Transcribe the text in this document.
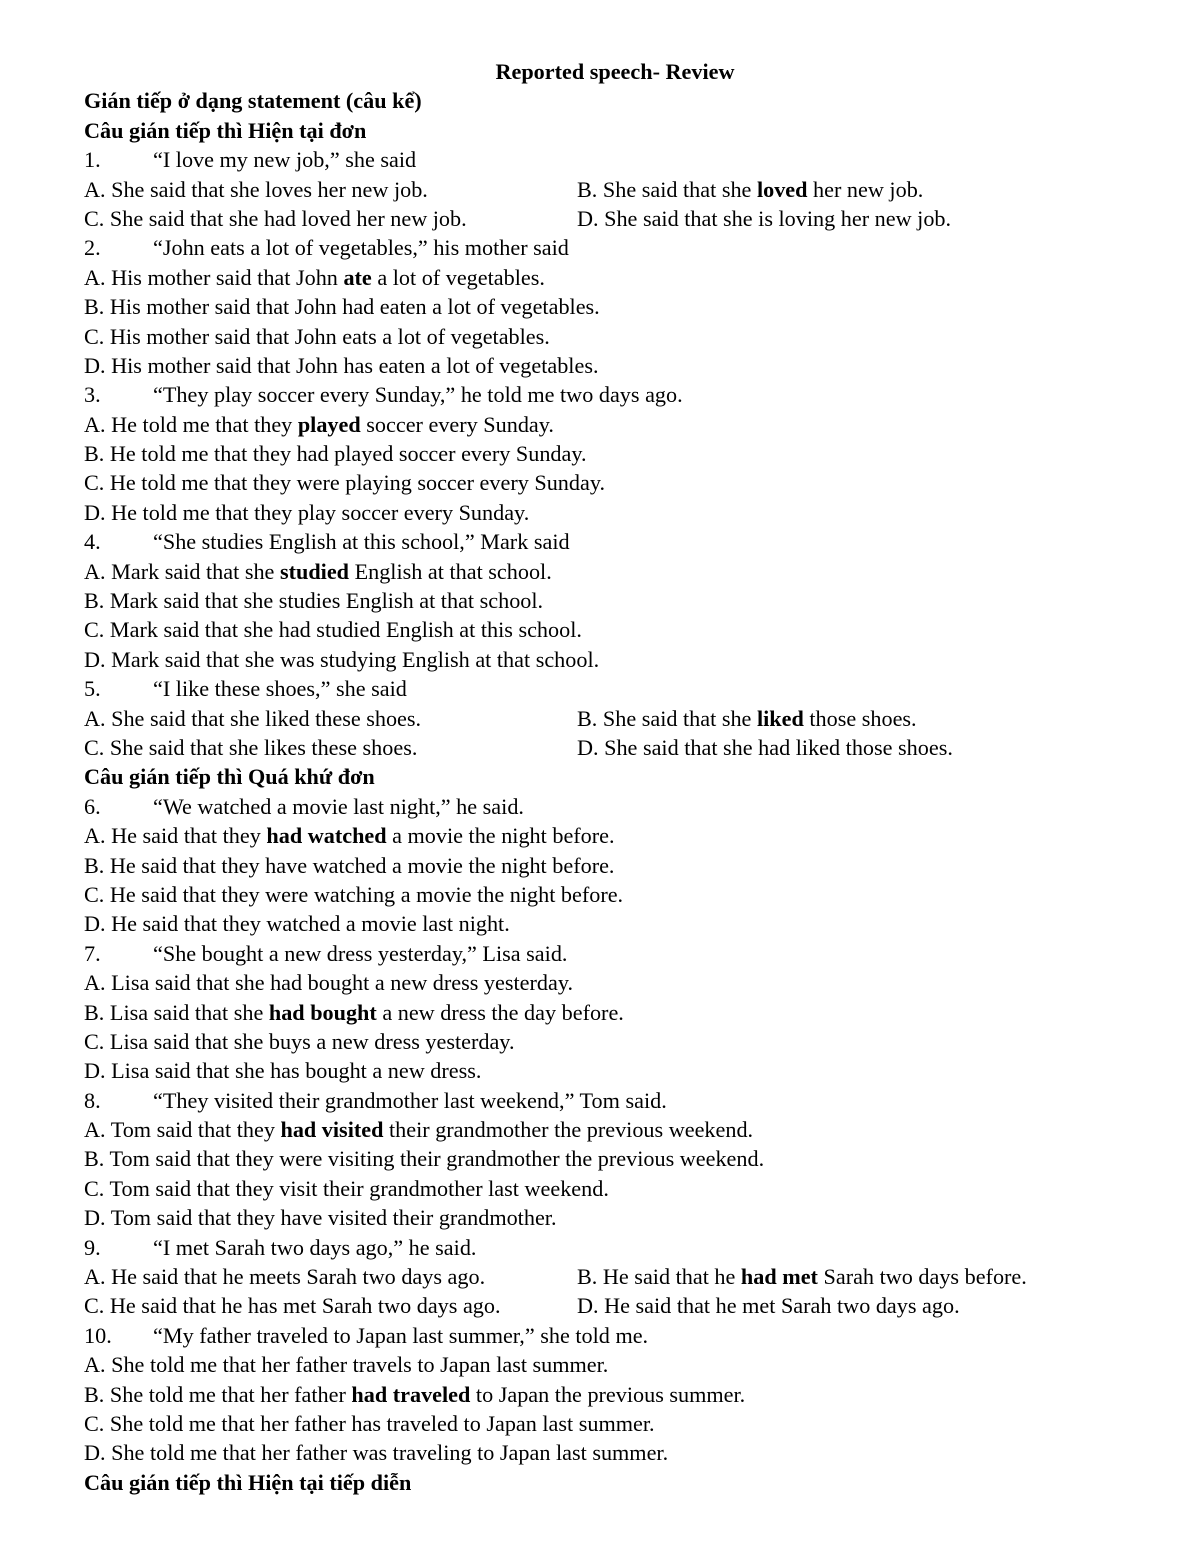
Reported speech- Review
Gián tiếp ở dạng statement (câu kể)
Câu gián tiếp thì Hiện tại đơn
1. “I love my new job,” she said
A. She said that she loves her new job.	B. She said that she loved her new job.
C. She said that she had loved her new job.	D. She said that she is loving her new job.
2. “John eats a lot of vegetables,” his mother said
A. His mother said that John ate a lot of vegetables.
B. His mother said that John had eaten a lot of vegetables.
C. His mother said that John eats a lot of vegetables.
D. His mother said that John has eaten a lot of vegetables.
3. “They play soccer every Sunday,” he told me two days ago.
A. He told me that they played soccer every Sunday.
B. He told me that they had played soccer every Sunday.
C. He told me that they were playing soccer every Sunday.
D. He told me that they play soccer every Sunday.
4. “She studies English at this school,” Mark said
A. Mark said that she studied English at that school.
B. Mark said that she studies English at that school.
C. Mark said that she had studied English at this school.
D. Mark said that she was studying English at that school.
5. “I like these shoes,” she said
A. She said that she liked these shoes.	B. She said that she liked those shoes.
C. She said that she likes these shoes.	D. She said that she had liked those shoes.
Câu gián tiếp thì Quá khứ đơn
6. “We watched a movie last night,” he said.
A. He said that they had watched a movie the night before.
B. He said that they have watched a movie the night before.
C. He said that they were watching a movie the night before.
D. He said that they watched a movie last night.
7. “She bought a new dress yesterday,” Lisa said.
A. Lisa said that she had bought a new dress yesterday.
B. Lisa said that she had bought a new dress the day before.
C. Lisa said that she buys a new dress yesterday.
D. Lisa said that she has bought a new dress.
8. “They visited their grandmother last weekend,” Tom said.
A. Tom said that they had visited their grandmother the previous weekend.
B. Tom said that they were visiting their grandmother the previous weekend.
C. Tom said that they visit their grandmother last weekend.
D. Tom said that they have visited their grandmother.
9. “I met Sarah two days ago,” he said.
A. He said that he meets Sarah two days ago.	B. He said that he had met Sarah two days before.
C. He said that he has met Sarah two days ago.	D. He said that he met Sarah two days ago.
10. “My father traveled to Japan last summer,” she told me.
A. She told me that her father travels to Japan last summer.
B. She told me that her father had traveled to Japan the previous summer.
C. She told me that her father has traveled to Japan last summer.
D. She told me that her father was traveling to Japan last summer.
Câu gián tiếp thì Hiện tại tiếp diễn
